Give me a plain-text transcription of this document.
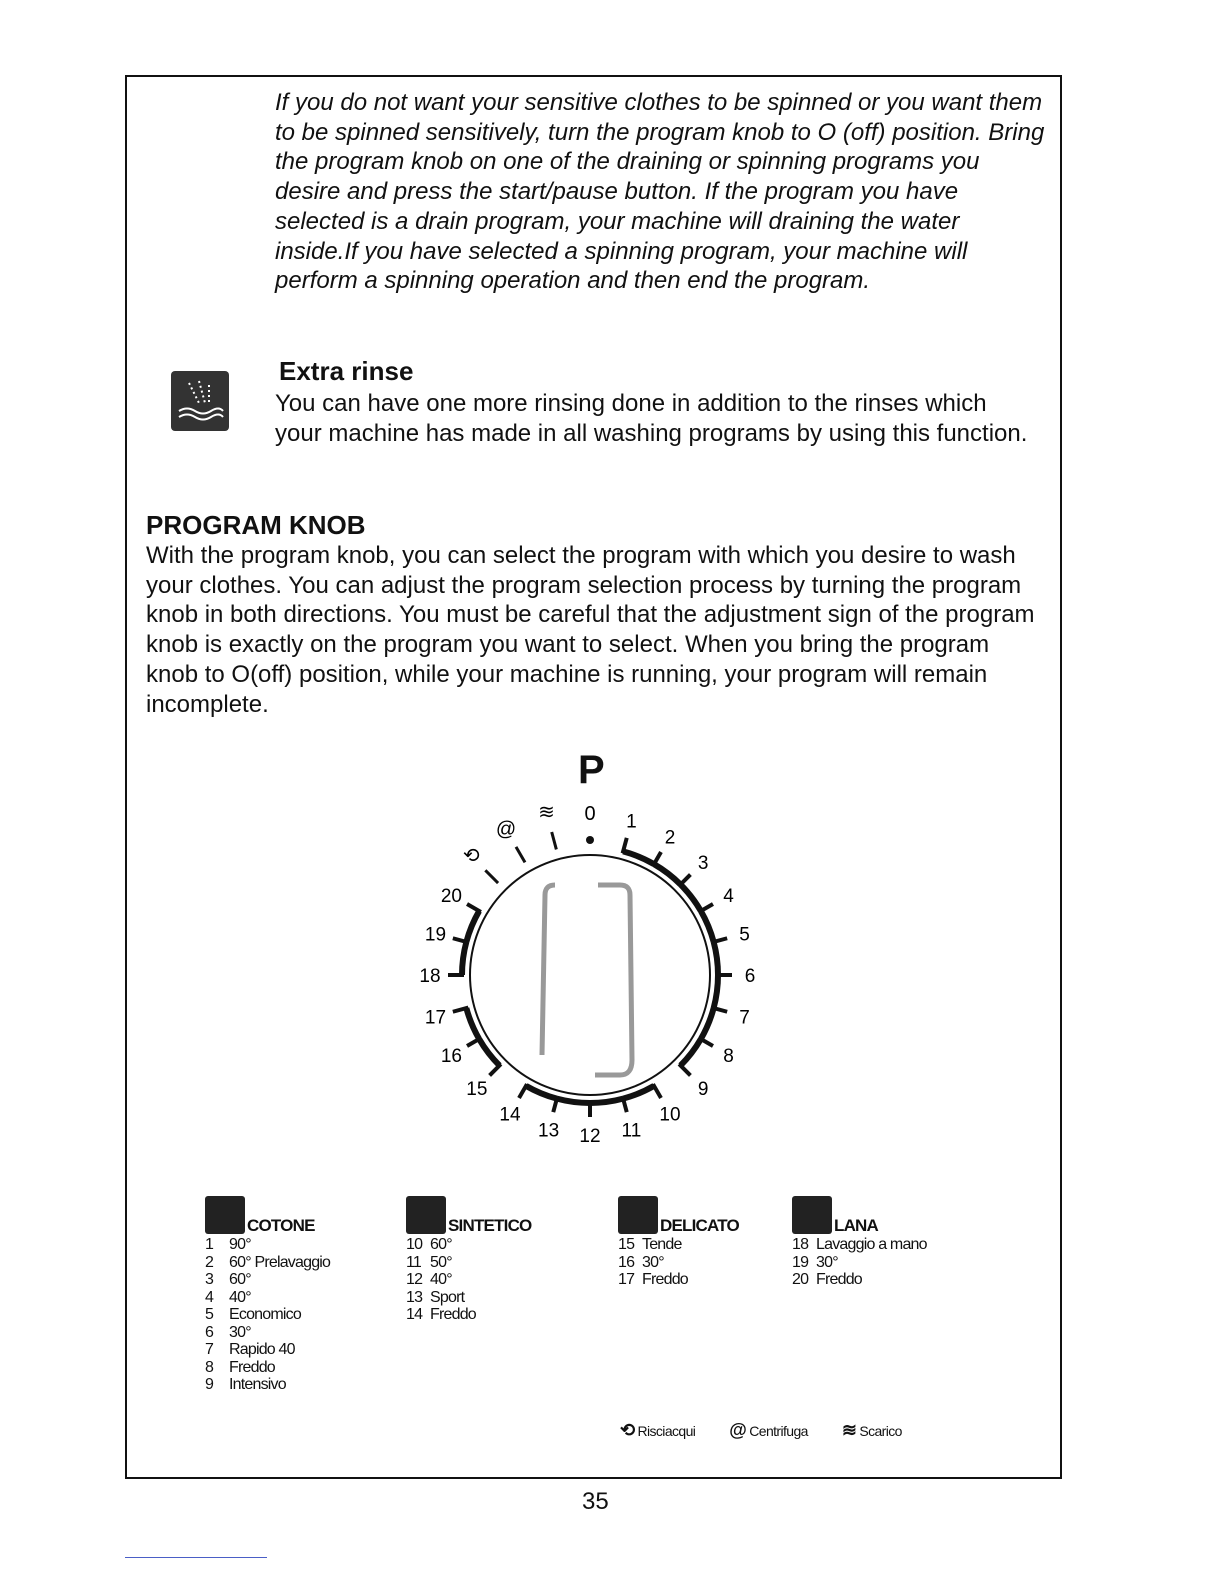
If you do not want your sensitive clothes to be spinned or you want them to be spinned sensitively, turn the program knob to O (off) position. Bring the program knob on one of the draining or spinning programs you desire and press the start/pause button. If the program you have selected is a drain program, your machine will draining the water inside.If you have selected a spinning program, your machine will perform a spinning operation and then end the program.

Extra rinse

You can have one more rinsing done in addition to the rinses which your machine has made in all washing programs by using this function.

PROGRAM KNOB

With the program knob, you can select the program with which you desire to wash your clothes. You can adjust the program selection process by turning the program knob in both directions. You must be careful that the adjustment sign of the program knob is exactly on the program you want to select. When you bring the program knob to O(off) position, while your machine is running, your program will remain incomplete.

P
0 1
2
3
4
5
6
7
8
9
10
11
12
13
14
15
16
17
18
19
20
⟲
@
≋
COTONE
1 90°
2 60° Prelavaggio
3 60°
4 40°
5 Economico
6 30°
7 Rapido 40
8 Freddo
9 Intensivo
SINTETICO
10 60°
11 50°
12 40°
13 Sport
14 Freddo
DELICATO
15 Tende
16 30°
17 Freddo
LANA
18 Lavaggio a mano
19 30°
20 Freddo
⟲ Risciacqui @ Centrifuga ≋ Scarico
35
